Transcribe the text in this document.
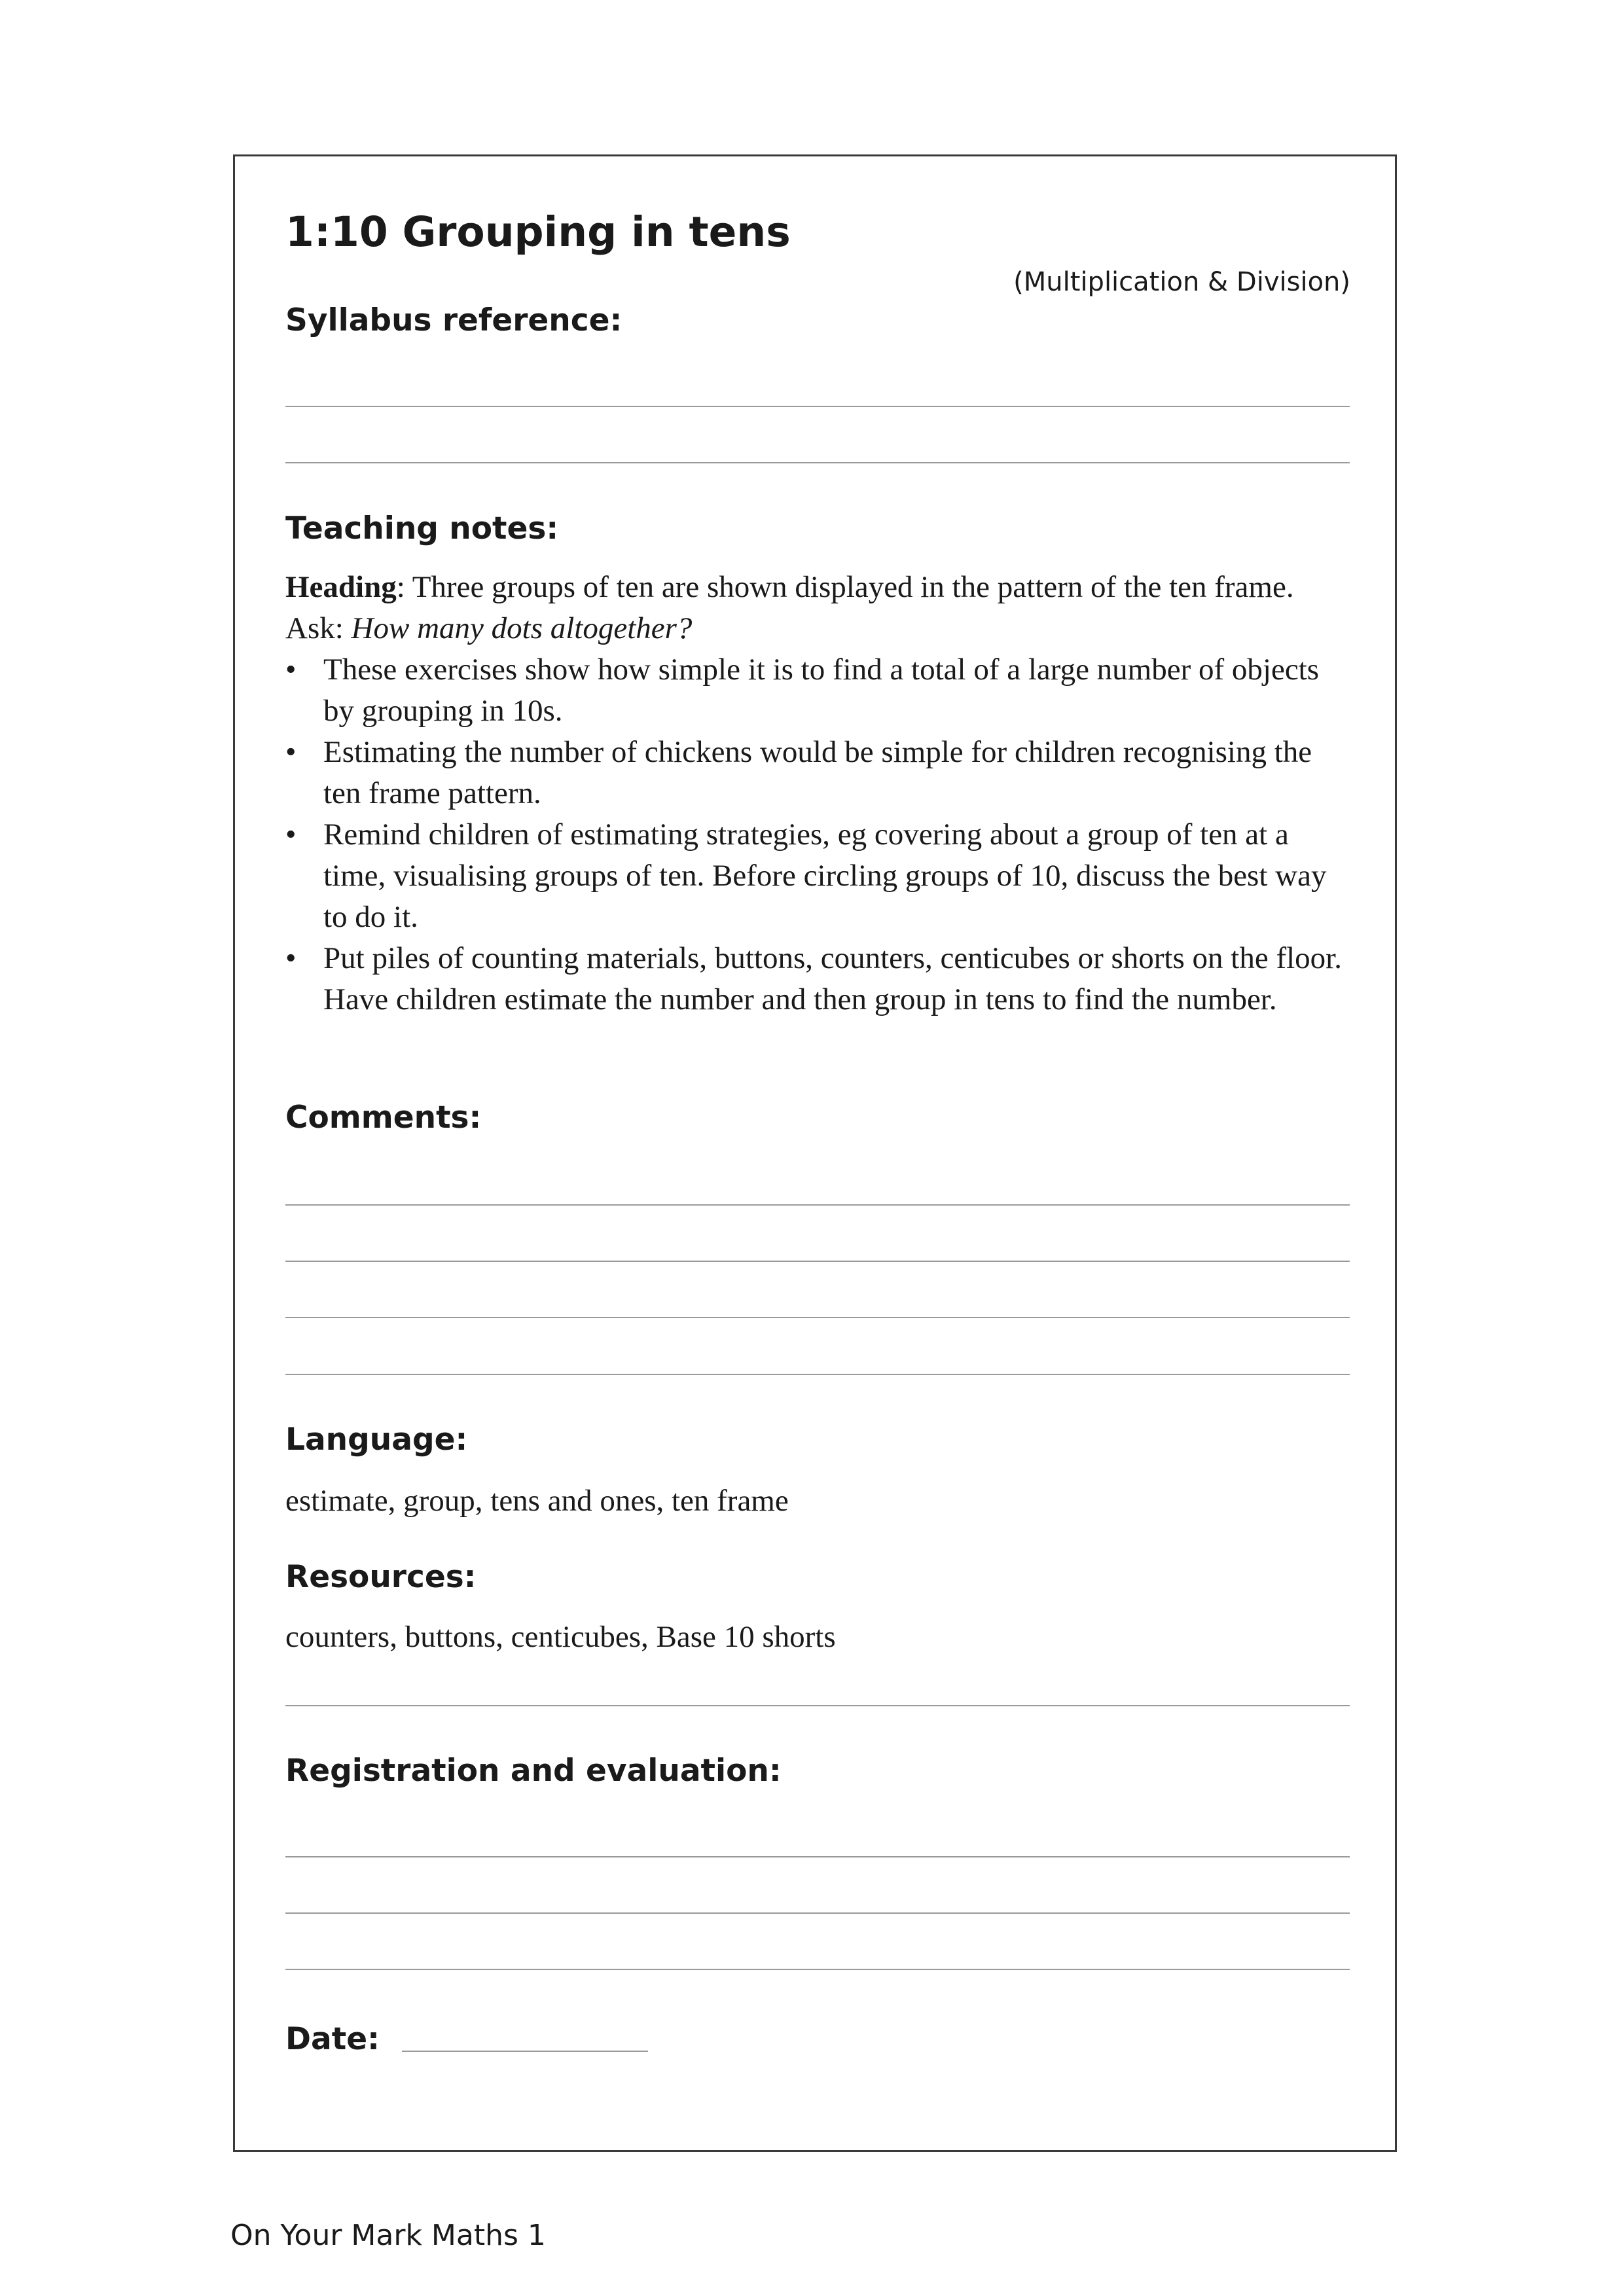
1:10 Grouping in tens

(Multiplication & Division)

Syllabus reference:
Teaching notes:

Heading: Three groups of ten are shown displayed in the pattern of the ten frame. Ask: How many dots altogether?

• These exercises show how simple it is to find a total of a large number of objects by grouping in 10s.
• Estimating the number of chickens would be simple for children recognising the ten frame pattern.
• Remind children of estimating strategies, eg covering about a group of ten at a time, visualising groups of ten. Before circling groups of 10, discuss the best way to do it.
• Put piles of counting materials, buttons, counters, centicubes or shorts on the floor. Have children estimate the number and then group in tens to find the number.
Comments:
Language:

estimate, group, tens and ones, ten frame

Resources:

counters, buttons, centicubes, Base 10 shorts

Registration and evaluation:
Date:

On Your Mark Maths 1
